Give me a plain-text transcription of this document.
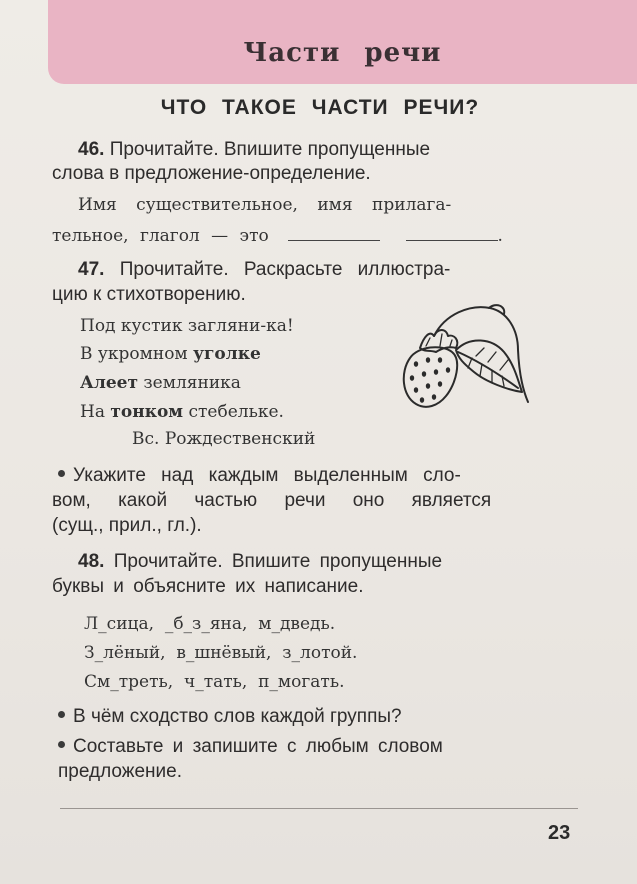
Части речи
ЧТО ТАКОЕ ЧАСТИ РЕЧИ?
46. Прочитайте. Впишите пропущенные
слова в предложение-определение.
Имя существительное, имя прилага-
тельное, глагол — это	.
47. Прочитайте. Раскрасьте иллюстра-
цию к стихотворению.
Под кустик загляни-ка!
В укромном уголке
Алеет земляника
На тонком стебельке.
Вс. Рождественский
Укажите над каждым выделенным сло-
вом, какой частью речи оно является
(сущ., прил., гл.).
48. Прочитайте. Впишите пропущенные
буквы и объясните их написание.
Л_сица,  _б_з_яна,  м_дведь.
З_лёный,  в_шнёвый,  з_лотой.
См_треть,  ч_тать,  п_могать.
В чём сходство слов каждой группы?
Составьте и запишите с любым словом
предложение.
23
